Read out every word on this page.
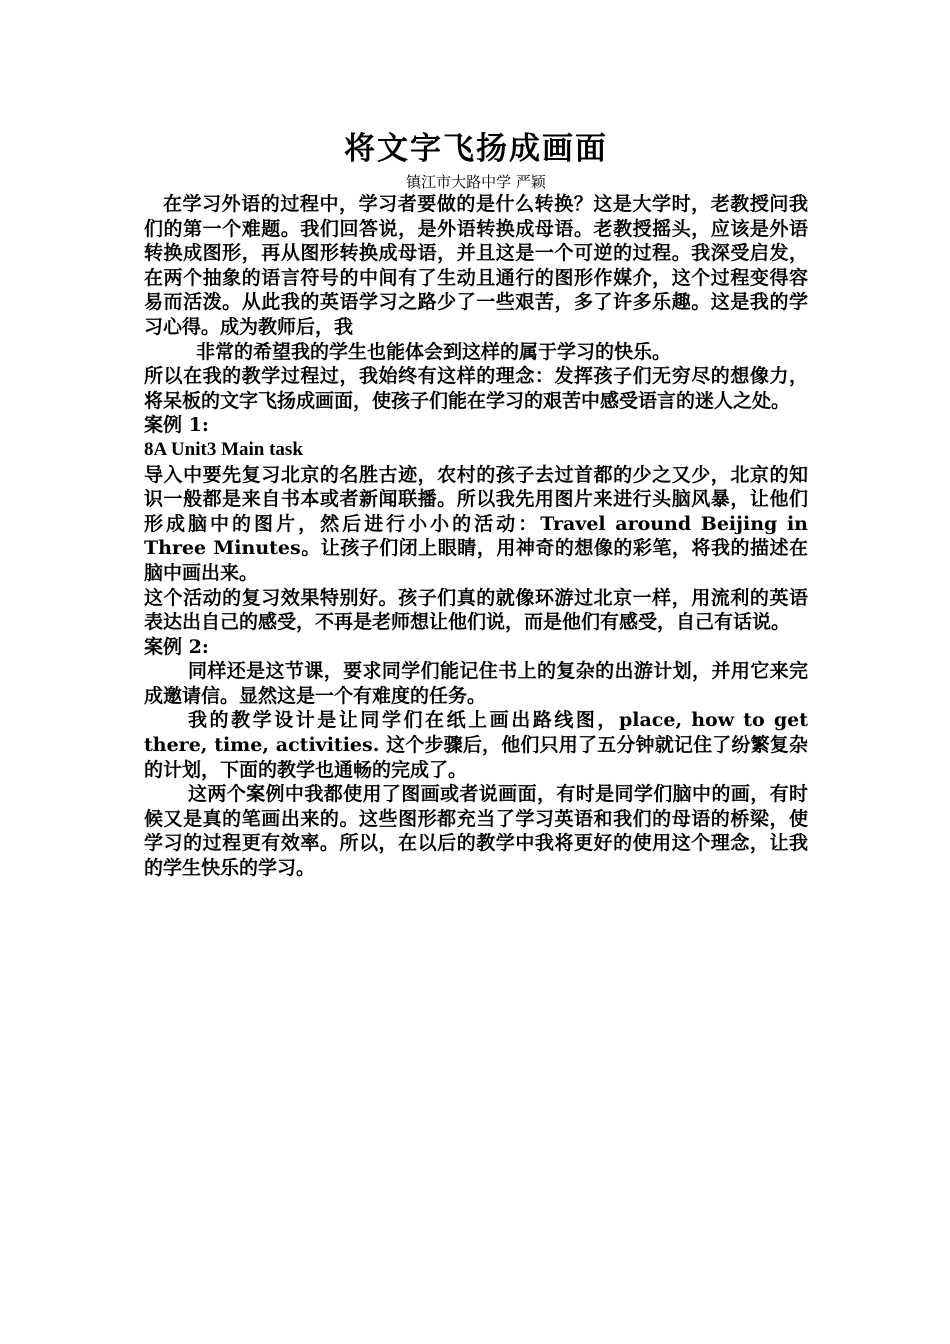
将文字飞扬成画面

镇江市大路中学 严颖

在学习外语的过程中，学习者要做的是什么转换？这是大学时，老教授问我们的第一个难题。我们回答说，是外语转换成母语。老教授摇头，应该是外语转换成图形，再从图形转换成母语，并且这是一个可逆的过程。我深受启发，在两个抽象的语言符号的中间有了生动且通行的图形作媒介，这个过程变得容易而活泼。从此我的英语学习之路少了一些艰苦，多了许多乐趣。这是我的学习心得。成为教师后，我

非常的希望我的学生也能体会到这样的属于学习的快乐。

所以在我的教学过程过，我始终有这样的理念：发挥孩子们无穷尽的想像力，将呆板的文字飞扬成画面，使孩子们能在学习的艰苦中感受语言的迷人之处。

案例 1:

8A Unit3 Main task

导入中要先复习北京的名胜古迹，农村的孩子去过首都的少之又少，北京的知识一般都是来自书本或者新闻联播。所以我先用图片来进行头脑风暴，让他们形成脑中的图片，然后进行小小的活动：Travel around Beijing in Three Minutes。让孩子们闭上眼睛，用神奇的想像的彩笔，将我的描述在脑中画出来。

这个活动的复习效果特别好。孩子们真的就像环游过北京一样，用流利的英语表达出自己的感受，不再是老师想让他们说，而是他们有感受，自己有话说。

案例 2:

同样还是这节课，要求同学们能记住书上的复杂的出游计划，并用它来完成邀请信。显然这是一个有难度的任务。

我的教学设计是让同学们在纸上画出路线图，place, how to get there, time, activities. 这个步骤后，他们只用了五分钟就记住了纷繁复杂的计划，下面的教学也通畅的完成了。

这两个案例中我都使用了图画或者说画面，有时是同学们脑中的画，有时候又是真的笔画出来的。这些图形都充当了学习英语和我们的母语的桥梁，使学习的过程更有效率。所以，在以后的教学中我将更好的使用这个理念，让我的学生快乐的学习。
